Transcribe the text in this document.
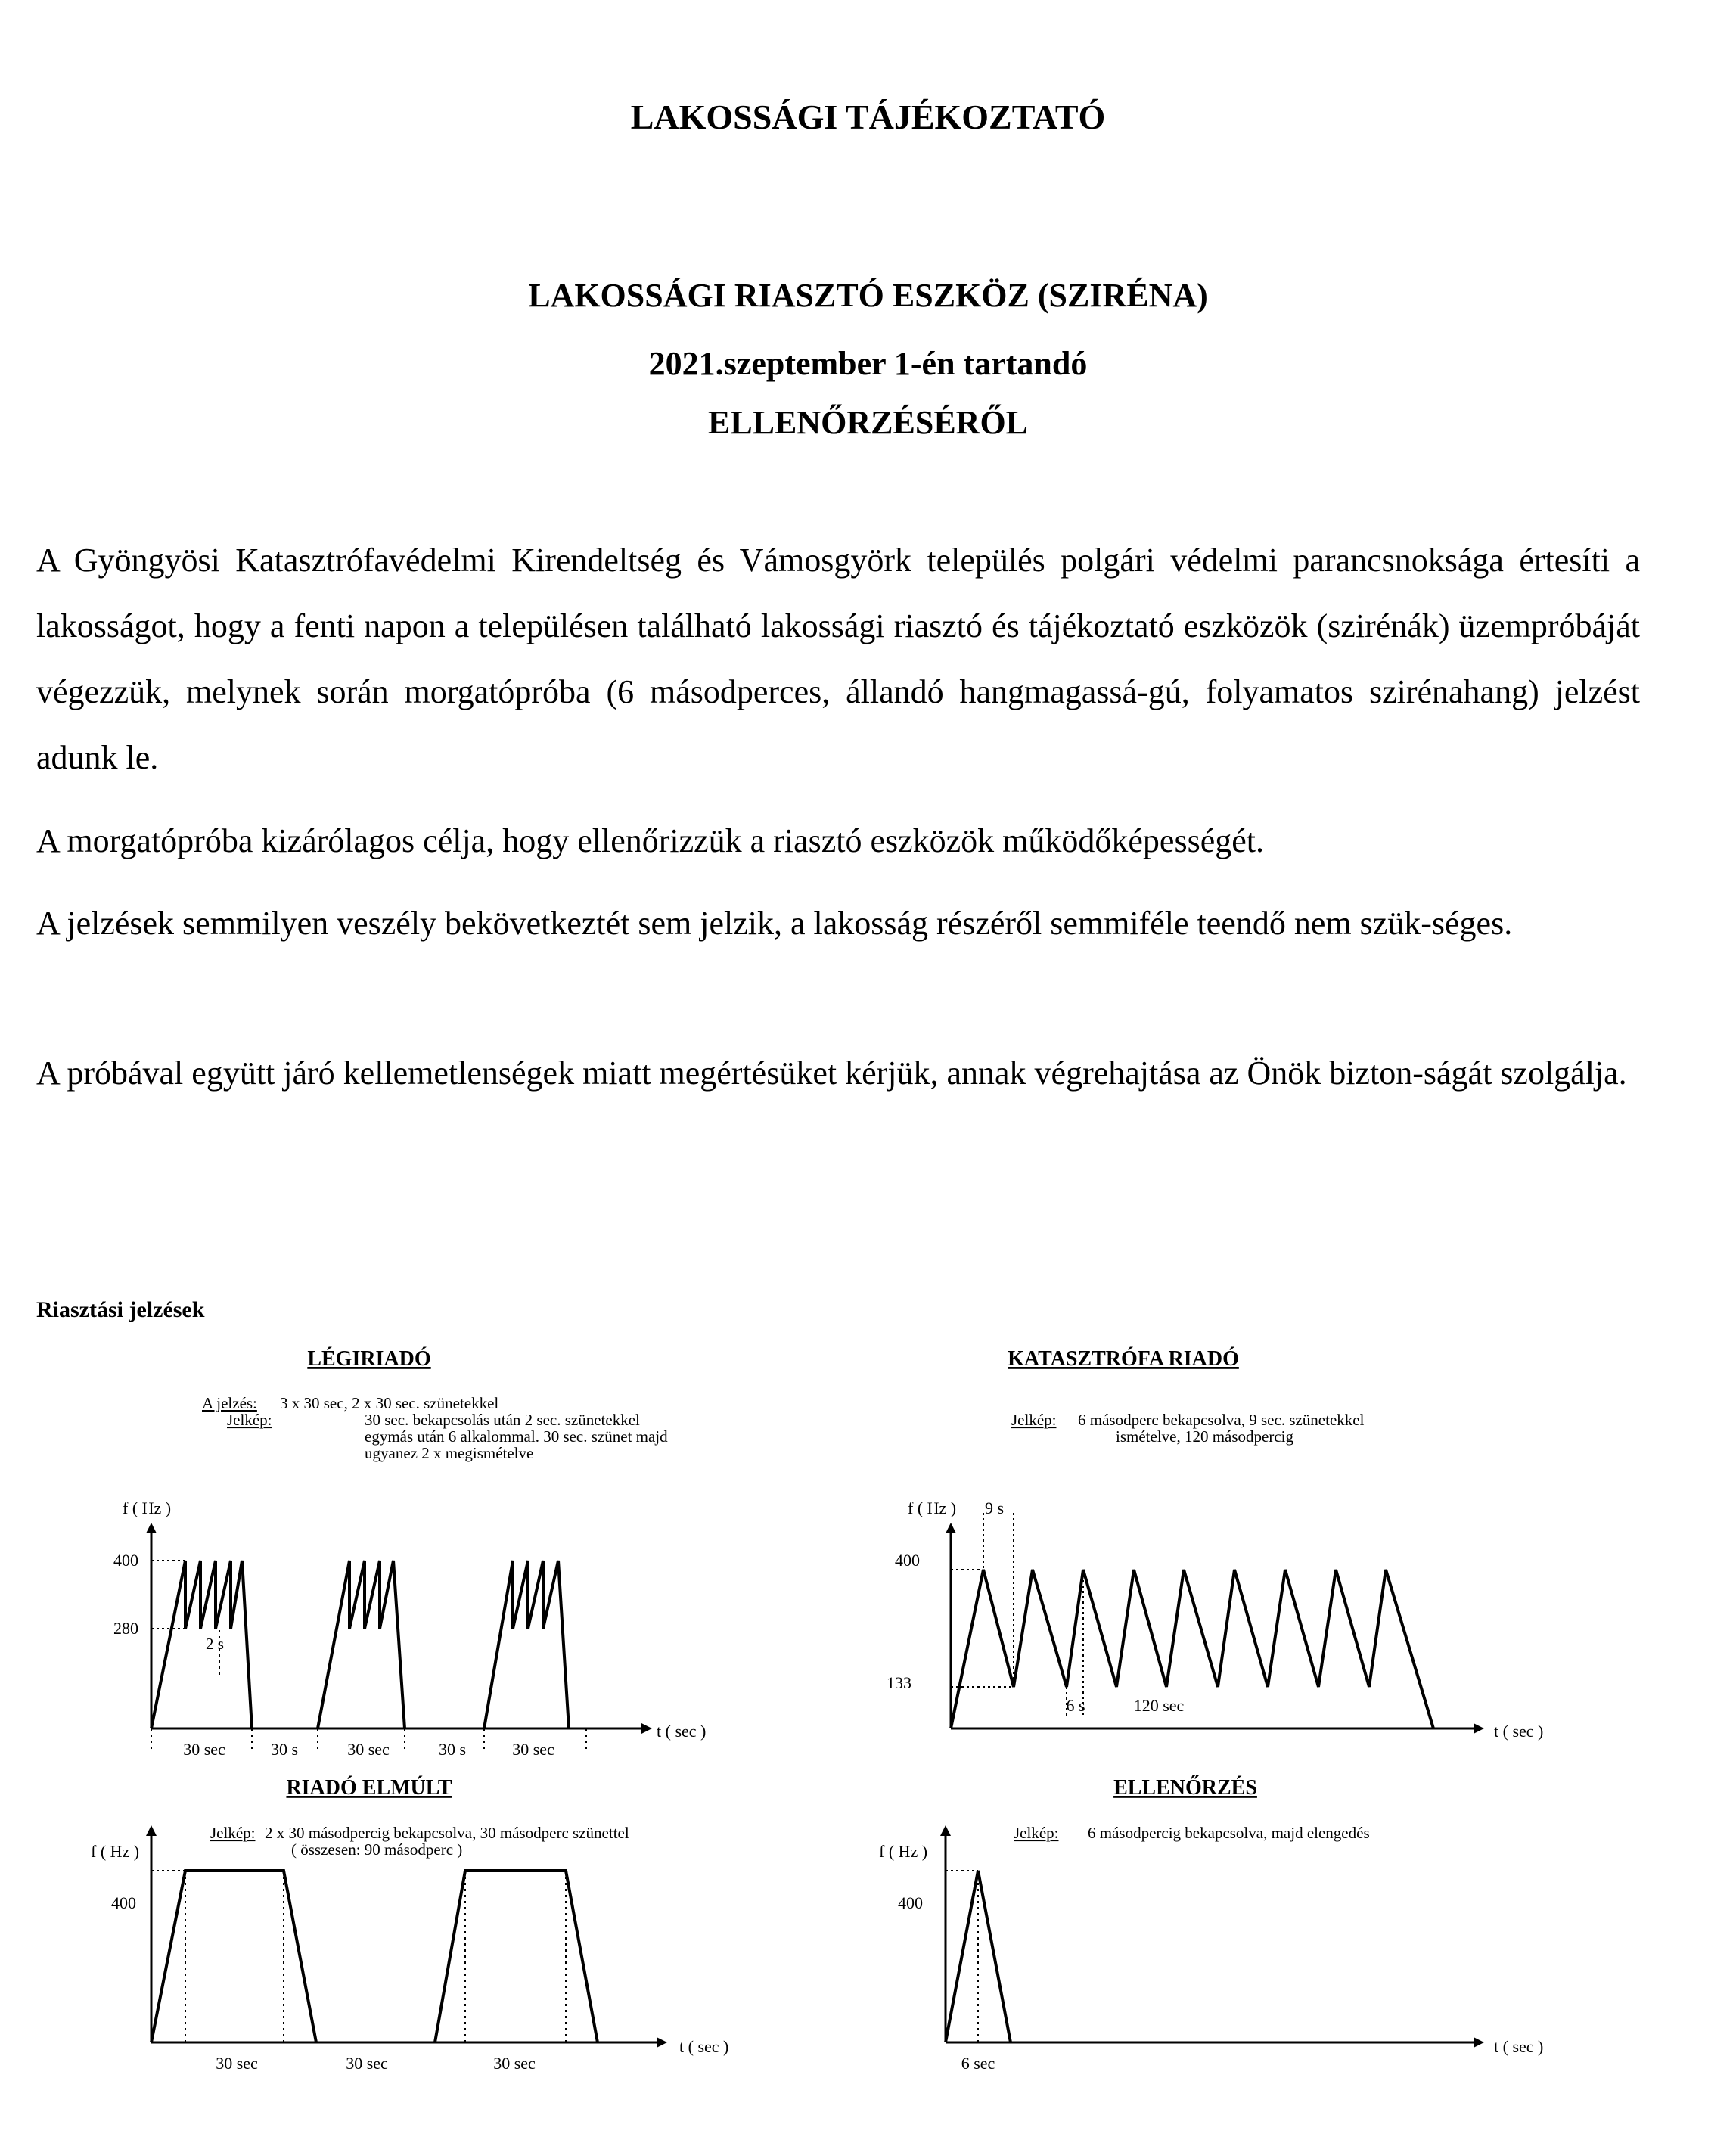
LAKOSSÁGI TÁJÉKOZTATÓ
LAKOSSÁGI RIASZTÓ ESZKÖZ (SZIRÉNA)
2021.szeptember 1-én tartandó
ELLENŐRZÉSÉRŐL

A Gyöngyösi Katasztrófavédelmi Kirendeltség és Vámosgyörk település polgári védelmi parancsnoksága értesíti a lakosságot, hogy a fenti napon a településen található lakossági riasztó és tájékoztató eszközök (szirénák) üzempróbáját végezzük, melynek során morgatópróba (6 másodperces, állandó hangmagassá-gú, folyamatos szirénahang) jelzést adunk le.

A morgatópróba kizárólagos célja, hogy ellenőrizzük a riasztó eszközök működőképességét.

A jelzések semmilyen veszély bekövetkeztét sem jelzik, a lakosság részéről semmiféle teendő nem szük-séges.

A próbával együtt járó kellemetlenségek miatt megértésüket kérjük, annak végrehajtása az Önök bizton-ságát szolgálja.

Riasztási jelzések
LÉGIRIADÓ
A jelzés: 3 x 30 sec, 2 x 30 sec. szünetekkel
Jelkép:	30 sec. bekapcsolás után 2 sec. szünetekkel
egymás után 6 alkalommal. 30 sec. szünet majd
ugyanez 2 x megismételve
f ( Hz )
t ( sec )
400
280
2 s
30 sec	30 s	30 sec	30 s	30 sec
KATASZTRÓFA RIADÓ
Jelkép: 6 másodperc bekapcsolva, 9 sec. szünetekkel
ismételve, 120 másodpercig
f ( Hz ) 9 s
t ( sec )
400
133
6 s	120 sec
RIADÓ ELMÚLT
Jelkép: 2 x 30 másodpercig bekapcsolva, 30 másodperc szünettel
( összesen: 90 másodperc )
f ( Hz )
t ( sec )
400
30 sec	30 sec	30 sec
ELLENŐRZÉS
Jelkép: 6 másodpercig bekapcsolva, majd elengedés
f ( Hz )
t ( sec )
400
6 sec
